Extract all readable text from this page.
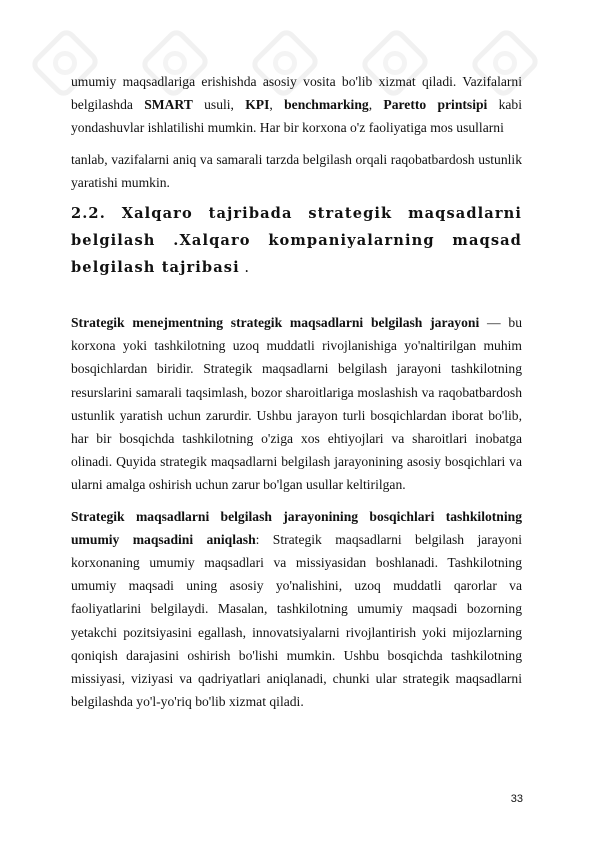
umumiy maqsadlariga erishishda asosiy vosita bo'lib xizmat qiladi. Vazifalarni belgilashda SMART usuli, KPI, benchmarking, Paretto printsipi kabi yondashuvlar ishlatilishi mumkin. Har bir korxona o'z faoliyatiga mos usullarni

tanlab, vazifalarni aniq va samarali tarzda belgilash orqali raqobatbardosh ustunlik yaratishi mumkin.

2.2. Xalqaro tajribada strategik maqsadlarni belgilash .Xalqaro kompaniyalarning maqsad belgilash tajribasi .

Strategik menejmentning strategik maqsadlarni belgilash jarayoni — bu korxona yoki tashkilotning uzoq muddatli rivojlanishiga yo'naltirilgan muhim bosqichlardan biridir. Strategik maqsadlarni belgilash jarayoni tashkilotning resurslarini samarali taqsimlash, bozor sharoitlariga moslashish va raqobatbardosh ustunlik yaratish uchun zarurdir. Ushbu jarayon turli bosqichlardan iborat bo'lib, har bir bosqichda tashkilotning o'ziga xos ehtiyojlari va sharoitlari inobatga olinadi. Quyida strategik maqsadlarni belgilash jarayonining asosiy bosqichlari va ularni amalga oshirish uchun zarur bo'lgan usullar keltirilgan.

Strategik maqsadlarni belgilash jarayonining bosqichlari tashkilotning umumiy maqsadini aniqlash: Strategik maqsadlarni belgilash jarayoni korxonaning umumiy maqsadlari va missiyasidan boshlanadi. Tashkilotning umumiy maqsadi uning asosiy yo'nalishini, uzoq muddatli qarorlar va faoliyatlarini belgilaydi. Masalan, tashkilotning umumiy maqsadi bozorning yetakchi pozitsiyasini egallash, innovatsiyalarni rivojlantirish yoki mijozlarning qoniqish darajasini oshirish bo'lishi mumkin. Ushbu bosqichda tashkilotning missiyasi, viziyasi va qadriyatlari aniqlanadi, chunki ular strategik maqsadlarni belgilashda yo'l-yo'riq bo'lib xizmat qiladi.

33
